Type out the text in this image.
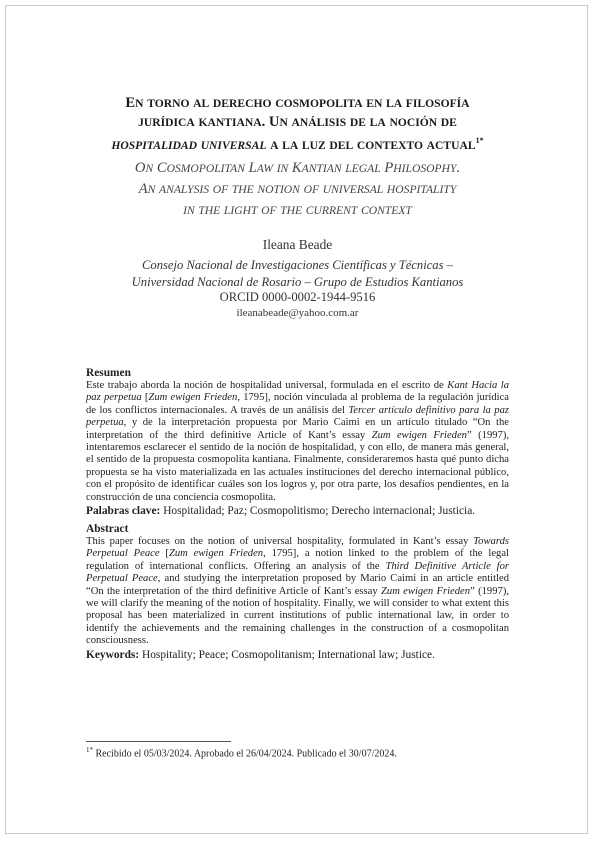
EN TORNO AL DERECHO COSMOPOLITA EN LA FILOSOFÍA
JURÍDICA KANTIANA. UN ANÁLISIS DE LA NOCIÓN DE
HOSPITALIDAD UNIVERSAL A LA LUZ DEL CONTEXTO $ACTUAL^{1*}$
ON COSMOPOLITAN LAW IN KANTIAN LEGAL PHILOSOPHY.
AN ANALYSIS OF THE NOTION OF UNIVERSAL HOSPITALITY
IN THE LIGHT OF THE CURRENT CONTEXT
Ileana Beade
Consejo Nacional de Investigaciones Científicas y Técnicas –
Universidad Nacional de Rosario – Grupo de Estudios Kantianos
ORCID 0000-0002-1944-9516
ileanabeade@yahoo.com.ar
Resumen

Este trabajo aborda la noción de hospitalidad universal, formulada en el escrito de Kant Hacia la paz perpetua [Zum ewigen Frieden, 1795], noción vinculada al problema de la regulación jurídica de los conflictos internacionales. A través de un análisis del Tercer artículo definitivo para la paz perpetua, y de la interpretación propuesta por Mario Caimi en un artículo titulado “On the interpretation of the third definitive Article of Kant’s essay Zum ewigen Frieden” (1997), intentaremos esclarecer el sentido de la noción de hospitalidad, y con ello, de manera más general, el sentido de la propuesta cosmopolita kantiana. Finalmente, consideraremos hasta qué punto dicha propuesta se ha visto materializada en las actuales instituciones del derecho internacional público, con el propósito de identificar cuáles son los logros y, por otra parte, los desafíos pendientes, en la construcción de una conciencia cosmopolita.

Palabras clave: Hospitalidad; Paz; Cosmopolitismo; Derecho internacional; Justicia.
Abstract

This paper focuses on the notion of universal hospitality, formulated in Kant’s essay Towards Perpetual Peace [Zum ewigen Frieden, 1795], a notion linked to the problem of the legal regulation of international conflicts. Offering an analysis of the Third Definitive Article for Perpetual Peace, and studying the interpretation proposed by Mario Caimi in an article entitled “On the interpretation of the third definitive Article of Kant’s essay Zum ewigen Frieden” (1997), we will clarify the meaning of the notion of hospitality. Finally, we will consider to what extent this proposal has been materialized in current institutions of public international law, in order to identify the achievements and the remaining challenges in the construction of a cosmopolitan consciousness.

Keywords: Hospitality; Peace; Cosmopolitanism; International law; Justice.
$^{1*}$ Recibido el 05/03/2024. Aprobado el 26/04/2024. Publicado el 30/07/2024.
